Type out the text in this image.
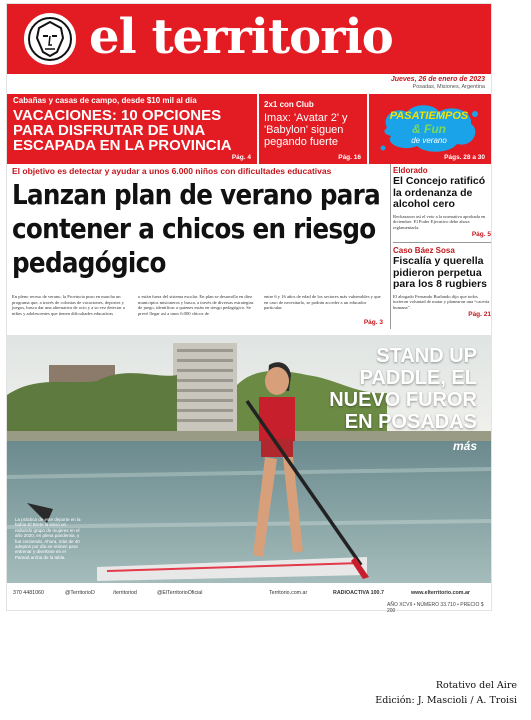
el territorio
Jueves, 26 de enero de 2023
Posadas, Misiones, Argentina
Cabañas y casas de campo, desde $10 mil al día
VACACIONES: 10 OPCIONES PARA DISFRUTAR DE UNA ESCAPADA EN LA PROVINCIA
Pág. 4
2x1 con Club
Imax: 'Avatar 2' y 'Babylon' siguen pegando fuerte
Pág. 16
PASATIEMPOS
& Fun
de verano
Págs. 28 a 30
El objetivo es detectar y ayudar a unos 6.000 niños con dificultades educativas
Lanzan plan de verano para contener a chicos en riesgo pedagógico
En pleno receso de verano, la Provincia puso en marcha un programa que, a través de colonias de vacaciones, deportes y juegos, busca dar una alternativa de ocio y a su vez detectar a niños y adolescentes que tienen dificultades educativas
o están fuera del sistema escolar. En plan se desarrolla en diez municipios misioneros y busca, a través de diversas estrategias de juego, identificar a quienes están en riesgo pedagógico. Se prevé llegar así a unos 6.000 chicos de
entre 6 y 16 años de edad de los sectores más vulnerables y que en caso de necesitarlo, se podrán acceder a un educador particular.
Pág. 3
Eldorado
El Concejo ratificó la ordenanza de alcohol cero
Rechazaron así el veto a la normativa aprobada en diciembre. El Poder Ejecutivo debe ahora reglamentarla.
Pág. 5
Caso Báez Sosa
Fiscalía y querella pidieron perpetua para los 8 rugbiers
El abogado Fernando Burlando dijo que todos tuvieron voluntad de matar y planearon una “cacería humana”.
Pág. 21
STAND UP
PADDLE, EL
NUEVO FUROR
EN POSADAS
más
La práctica de este deporte en la bahía El Brete la inició un reducido grupo de mujeres en el año 2020, en plena pandemia, y fue creciendo. Ahora, más de 40 adeptos por día se reúnen para entrenar y divertirse en el Paraná arriba de la tabla.
370 4481060	@TerritorioD	/territoriod	@ElTerritorioOficial	Territorio.com.ar	RADIOACTIVA 100.7	www.elterritorio.com.ar
AÑO XCVII • NÚMERO 33.710 • PRECIO $ 200
Rotativo del Aire
Edición: J. Mascioli / A. Troisi
